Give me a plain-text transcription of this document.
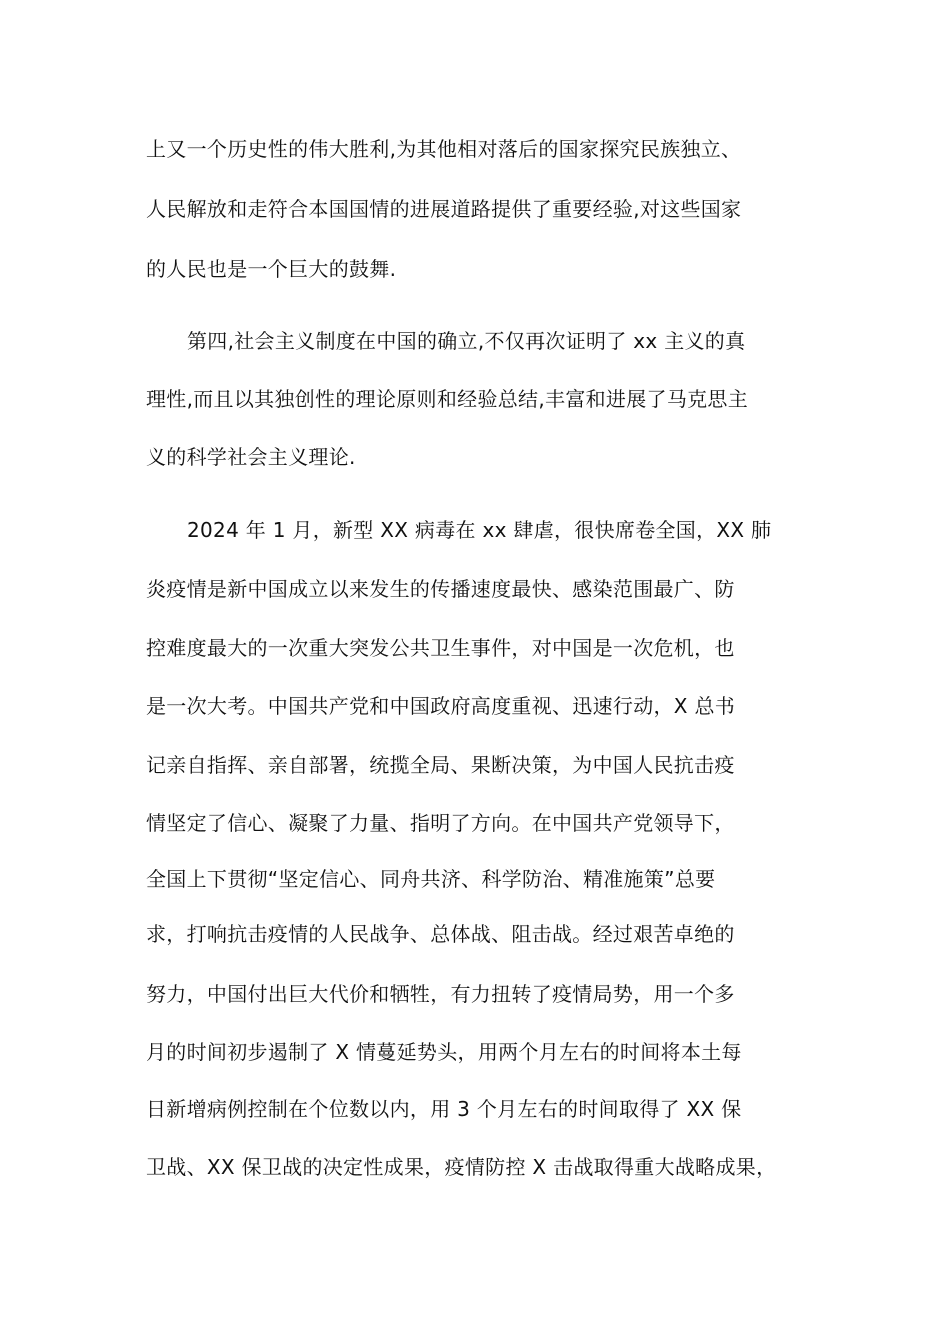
上又一个历史性的伟大胜利,为其他相对落后的国家探究民族独立、
人民解放和走符合本国国情的进展道路提供了重要经验,对这些国家
的人民也是一个巨大的鼓舞.
第四,社会主义制度在中国的确立,不仅再次证明了 xx 主义的真
理性,而且以其独创性的理论原则和经验总结,丰富和进展了马克思主
义的科学社会主义理论.
2024 年 1 月，新型 XX 病毒在 xx 肆虐，很快席卷全国，XX 肺
炎疫情是新中国成立以来发生的传播速度最快、感染范围最广、防
控难度最大的一次重大突发公共卫生事件，对中国是一次危机，也
是一次大考。中国共产党和中国政府高度重视、迅速行动，X 总书
记亲自指挥、亲自部署，统揽全局、果断决策，为中国人民抗击疫
情坚定了信心、凝聚了力量、指明了方向。在中国共产党领导下，
全国上下贯彻“坚定信心、同舟共济、科学防治、精准施策”总要
求，打响抗击疫情的人民战争、总体战、阻击战。经过艰苦卓绝的
努力，中国付出巨大代价和牺牲，有力扭转了疫情局势，用一个多
月的时间初步遏制了 X 情蔓延势头，用两个月左右的时间将本土每
日新增病例控制在个位数以内，用 3 个月左右的时间取得了 XX 保
卫战、XX 保卫战的决定性成果，疫情防控 X 击战取得重大战略成果，
